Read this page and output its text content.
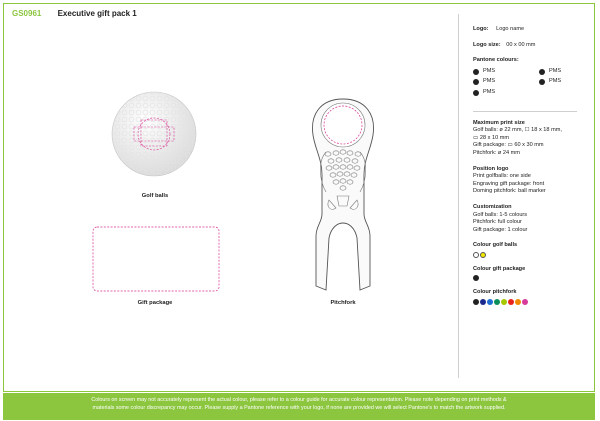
GS0961 Executive gift pack 1
Golf balls
Gift package	Pitchfork
Logo: Logo name
Logo size: 00 x 00 mm
Pantone colours:
PMS	PMS
PMS	PMS
PMS
Maximum print size
Golf balls: ø 22 mm, ☐ 18 x 18 mm,
▭ 28 x 10 mm
Gift package: ▭ 60 x 30 mm
Pitchfork: ø 24 mm
Position logo
Print golfballs: one side
Engraving gift package: front
Doming pitchfork: ball marker
Customization
Golf balls: 1-5 colours
Pitchfork: full colour
Gift package: 1 colour
Colour golf balls
Colour gift package
Colour pitchfork
Colours on screen may not accurately represent the actual colour, please refer to a colour guide for accurate colour representation. Please note depending on print methods &
materials some colour discrepancy may occur. Please supply a Pantone reference with your logo, if none are provided we will select Pantone's to match the artwork supplied.
